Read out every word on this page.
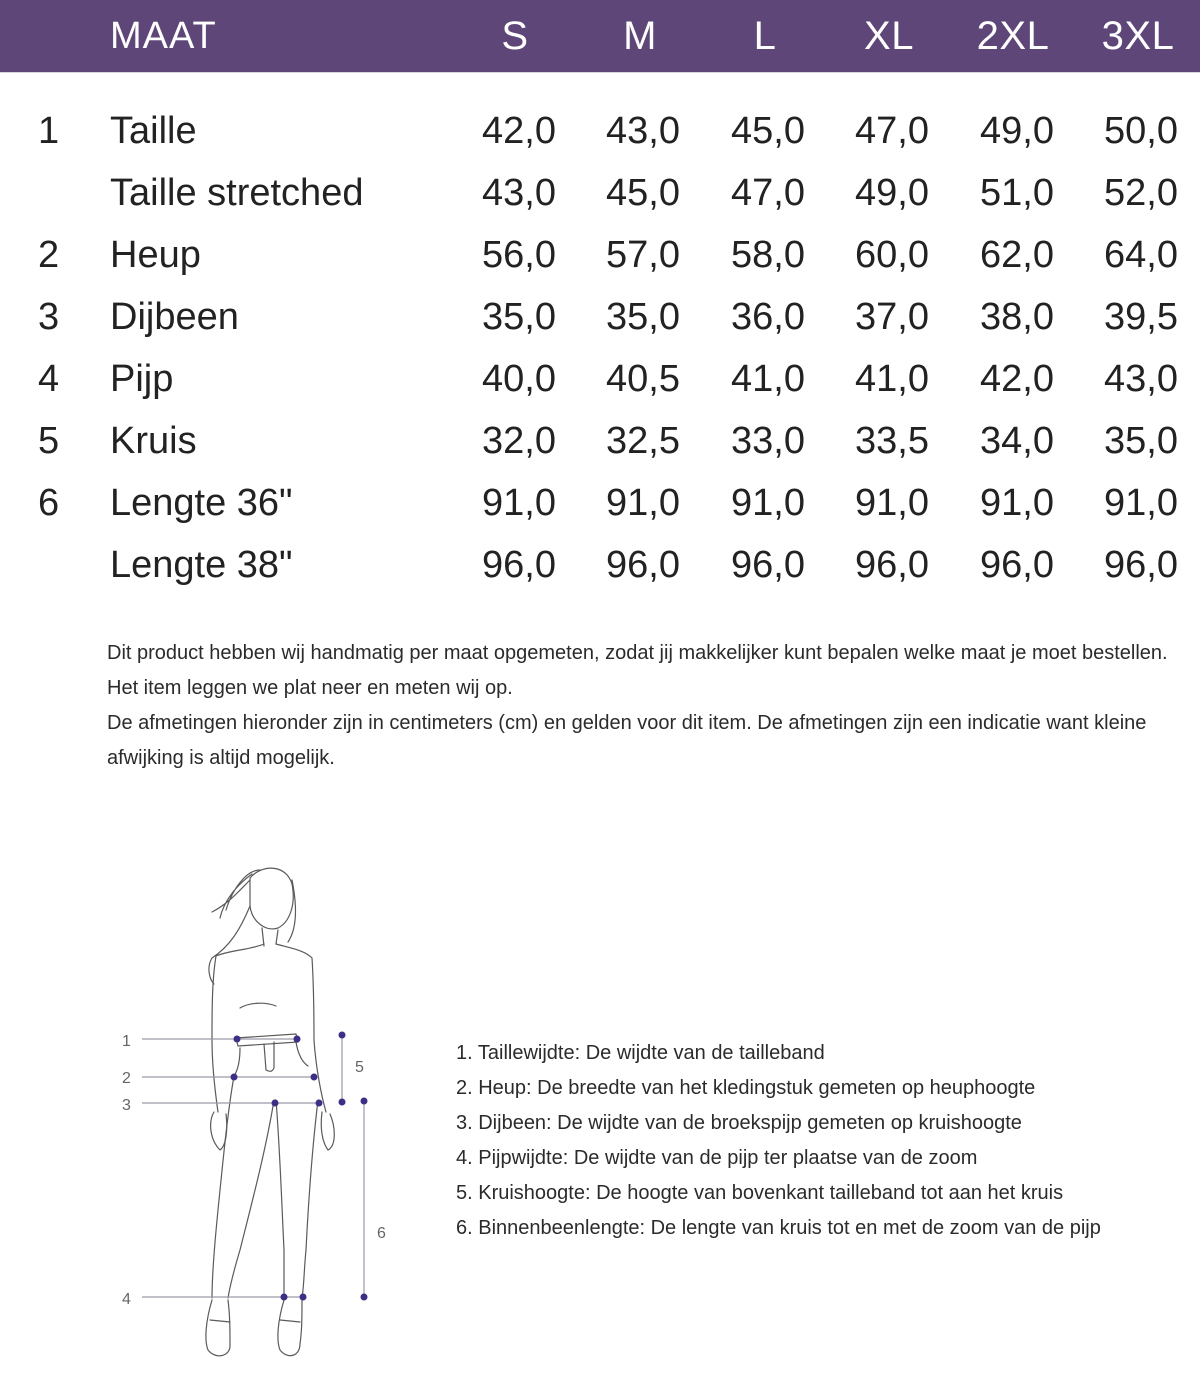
MAAT	S	M	L	XL	2XL	3XL
1 Taille	42,0	43,0	45,0	47,0	49,0	50,0
Taille stretched	43,0	45,0	47,0	49,0	51,0	52,0
2 Heup	56,0	57,0	58,0	60,0	62,0	64,0
3 Dijbeen	35,0	35,0	36,0	37,0	38,0	39,5
4 Pijp	40,0	40,5	41,0	41,0	42,0	43,0
5 Kruis	32,0	32,5	33,0	33,5	34,0	35,0
6 Lengte 36"	91,0	91,0	91,0	91,0	91,0	91,0
Lengte 38"	96,0	96,0	96,0	96,0	96,0	96,0

Dit product hebben wij handmatig per maat opgemeten, zodat jij makkelijker kunt bepalen welke maat je moet bestellen.

Het item leggen we plat neer en meten wij op.

De afmetingen hieronder zijn in centimeters (cm) en gelden voor dit item. De afmetingen zijn een indicatie want kleine afwijking is altijd mogelijk.

1
2
3
4
5
6
1. Taillewijdte: De wijdte van de tailleband
2. Heup: De breedte van het kledingstuk gemeten op heuphoogte
3. Dijbeen: De wijdte van de broekspijp gemeten op kruishoogte
4. Pijpwijdte: De wijdte van de pijp ter plaatse van de zoom
5. Kruishoogte: De hoogte van bovenkant tailleband tot aan het kruis
6. Binnenbeenlengte: De lengte van kruis tot en met de zoom van de pijp
